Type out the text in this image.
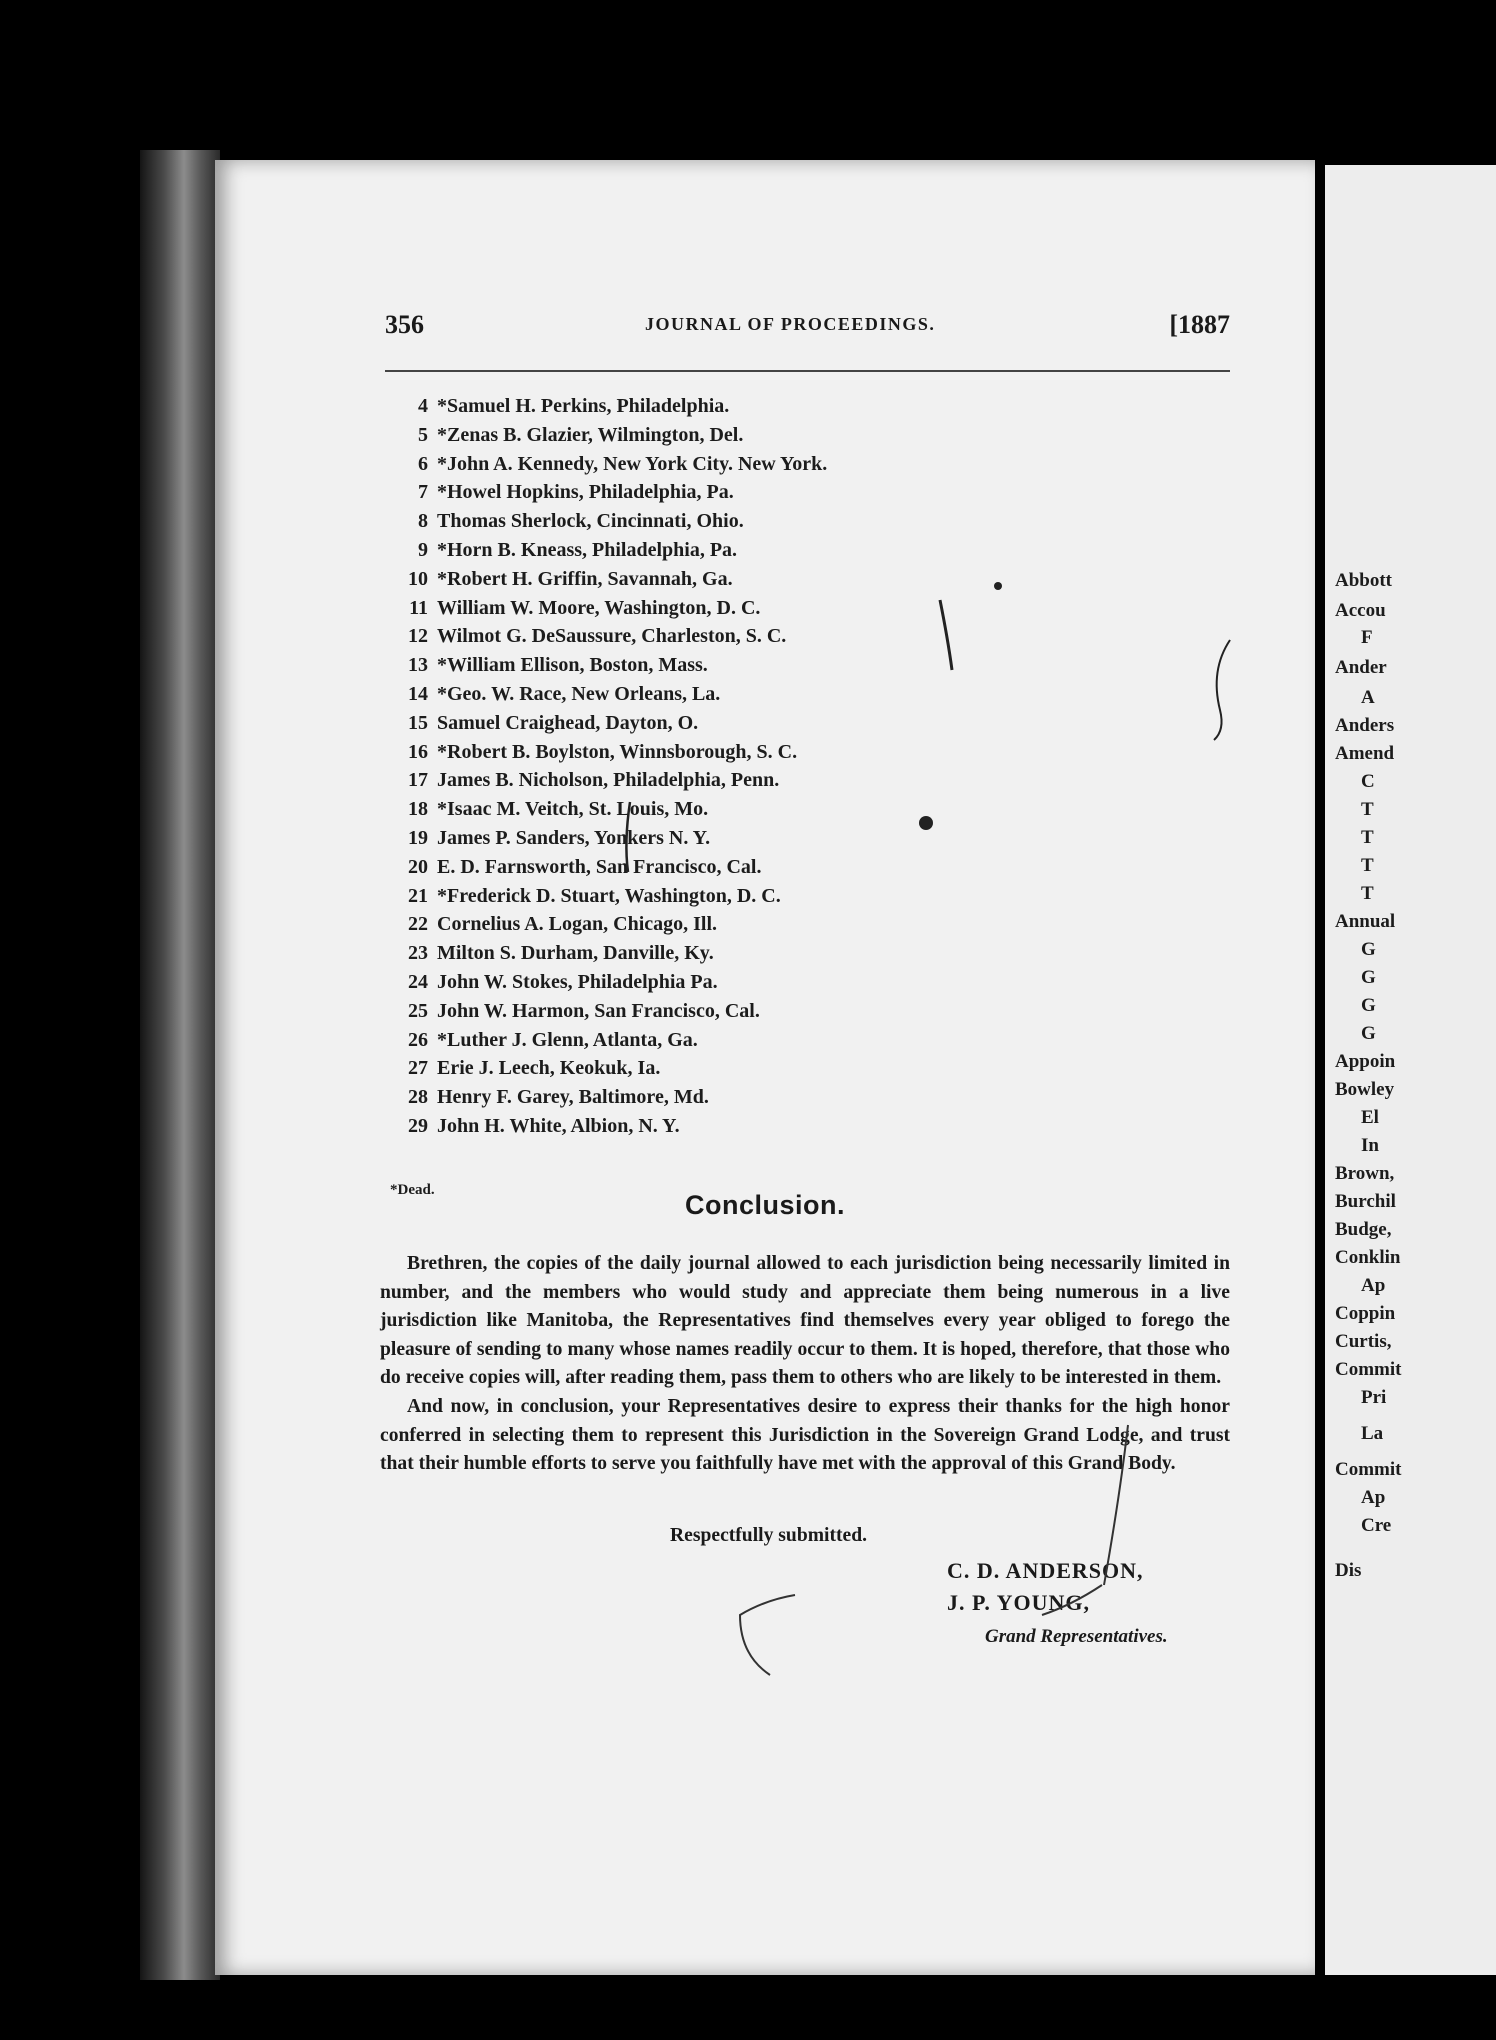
356	JOURNAL OF PROCEEDINGS.	[1887
4 *Samuel H. Perkins, Philadelphia.
5 *Zenas B. Glazier, Wilmington, Del.
6 *John A. Kennedy, New York City. New York.
7 *Howel Hopkins, Philadelphia, Pa.
8 Thomas Sherlock, Cincinnati, Ohio.
9 *Horn B. Kneass, Philadelphia, Pa.
10 *Robert H. Griffin, Savannah, Ga.
11 William W. Moore, Washington, D. C.
12 Wilmot G. DeSaussure, Charleston, S. C.
13 *William Ellison, Boston, Mass.
14 *Geo. W. Race, New Orleans, La.
15 Samuel Craighead, Dayton, O.
16 *Robert B. Boylston, Winnsborough, S. C.
17 James B. Nicholson, Philadelphia, Penn.
18 *Isaac M. Veitch, St. Louis, Mo.
19 James P. Sanders, Yonkers N. Y.
20 E. D. Farnsworth, San Francisco, Cal.
21 *Frederick D. Stuart, Washington, D. C.
22 Cornelius A. Logan, Chicago, Ill.
23 Milton S. Durham, Danville, Ky.
24 John W. Stokes, Philadelphia Pa.
25 John W. Harmon, San Francisco, Cal.
26 *Luther J. Glenn, Atlanta, Ga.
27 Erie J. Leech, Keokuk, Ia.
28 Henry F. Garey, Baltimore, Md.
29 John H. White, Albion, N. Y.
*Dead.	Conclusion.

Brethren, the copies of the daily journal allowed to each jurisdiction being necessarily limited in number, and the members who would study and appreciate them being numerous in a live jurisdiction like Manitoba, the Representatives find themselves every year obliged to forego the pleasure of sending to many whose names readily occur to them. It is hoped, therefore, that those who do receive copies will, after reading them, pass them to others who are likely to be interested in them.

And now, in conclusion, your Representatives desire to express their thanks for the high honor conferred in selecting them to represent this Jurisdiction in the Sovereign Grand Lodge, and trust that their humble efforts to serve you faithfully have met with the approval of this Grand Body.

Respectfully submitted.
C. D. ANDERSON,
J. P. YOUNG,
Grand Representatives.
Abbott
Accou
F
Ander
A
Anders
Amend
C
T
T
T
T
Annual
G
G
G
G
Appoin
Bowley
El
In
Brown,
Burchil
Budge,
Conklin
Ap
Coppin
Curtis,
Commit
Pri
La
Commit
Ap
Cre
Dis
